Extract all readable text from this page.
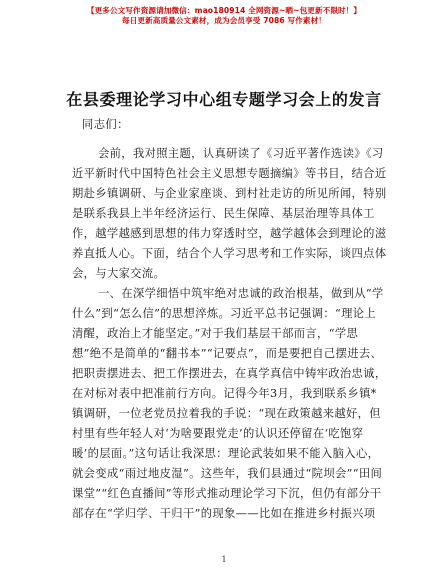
【更多公文写作资源请加微信：mao180914 全网资源~晒~包更新不限时！】
每日更新高质量公文素材，成为会员享受 7086 写作素材！
在县委理论学习中心组专题学习会上的发言
同志们：
会前，我对照主题，认真研读了《习近平著作选读》《习
近平新时代中国特色社会主义思想专题摘编》等书目，结合近
期赴乡镇调研、与企业家座谈、到村社走访的所见所闻，特别
是联系我县上半年经济运行、民生保障、基层治理等具体工
作，越学越感到思想的伟力穿透时空，越学越体会到理论的滋
养直抵人心。下面，结合个人学习思考和工作实际，谈四点体
会，与大家交流。
一、在深学细悟中筑牢绝对忠诚的政治根基，做到从“学
什么”到“怎么信”的思想淬炼。习近平总书记强调：“理论上
清醒，政治上才能坚定。”对于我们基层干部而言，“学思
想”绝不是简单的“翻书本”“记要点”，而是要把自己摆进去、
把职责摆进去、把工作摆进去，在真学真信中铸牢政治忠诚，
在对标对表中把准前行方向。记得今年3月，我到联系乡镇*
镇调研，一位老党员拉着我的手说：“现在政策越来越好，但
村里有些年轻人对‘为啥要跟党走’的认识还停留在‘吃饱穿
暖’的层面。”这句话让我深思：理论武装如果不能入脑入心，
就会变成“雨过地皮湿”。这些年，我们县通过“院坝会”“田间
课堂”“红色直播间”等形式推动理论学习下沉，但仍有部分干
部存在“学归学、干归干”的现象——比如在推进乡村振兴项
1
